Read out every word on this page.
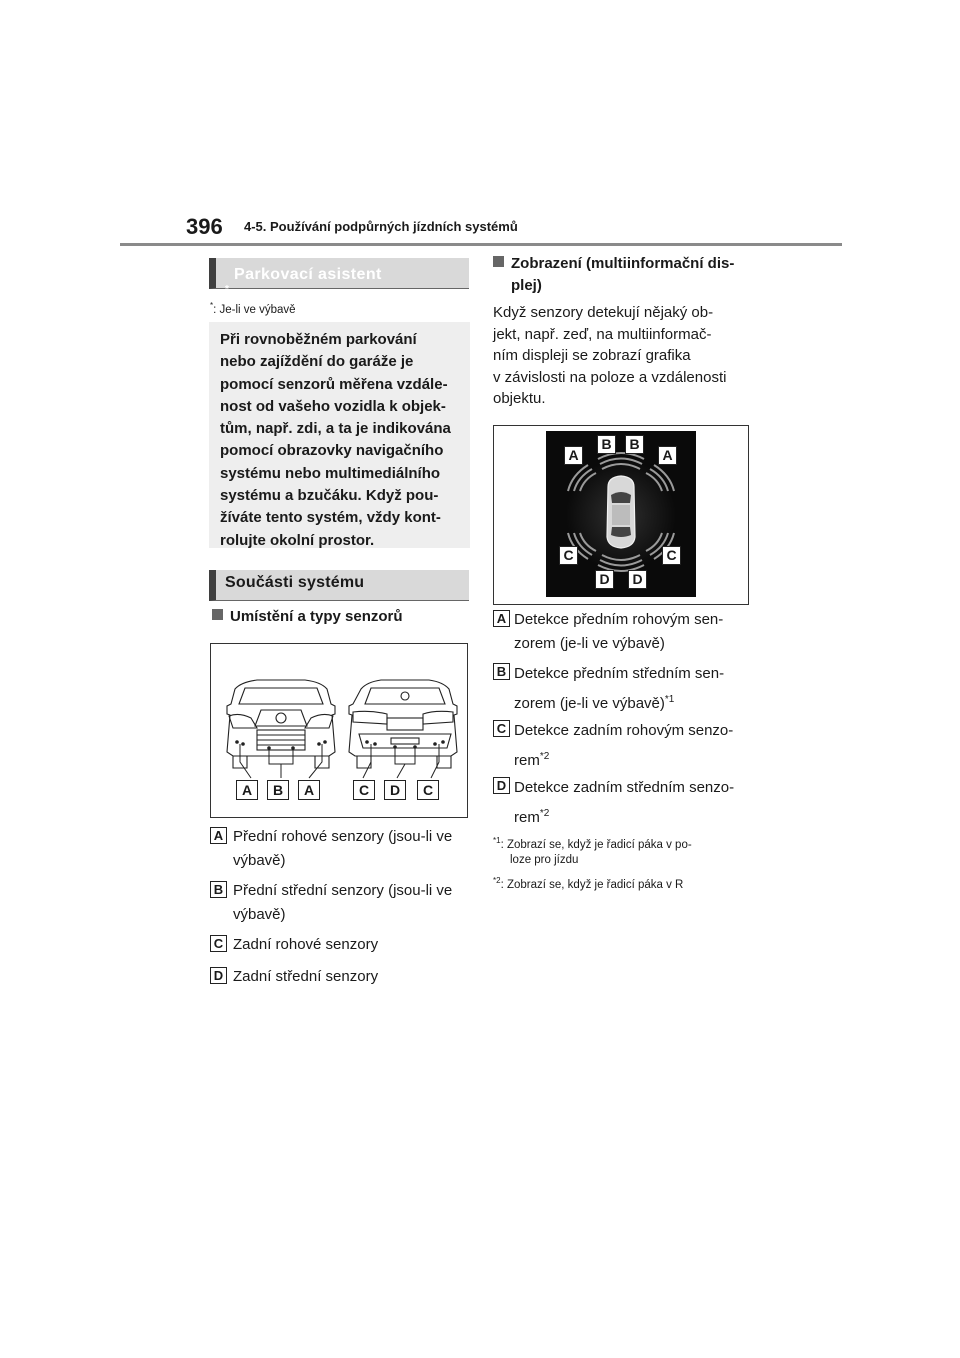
396 4-5. Používání podpůrných jízdních systémů
Parkovací asistent
*
*: Je-li ve výbavě

Při rovnoběžném parkování

nebo zajíždění do garáže je

pomocí senzorů měřena vzdále-

nost od vašeho vozidla k objek-

tům, např. zdi, a ta je indikována

pomocí obrazovky navigačního

systému nebo multimediálního

systému a bzučáku. Když pou-

žíváte tento systém, vždy kont-

rolujte okolní prostor.

Součásti systému
Umístění a typy senzorů
A	B	A	C	D	C
A Přední rohové senzory (jsou-li ve
výbavě)
B Přední střední senzory (jsou-li ve
výbavě)
C Zadní rohové senzory
D Zadní střední senzory
Zobrazení (multiinformační dis-
plej)

Když senzory detekují nějaký ob-

jekt, např. zeď, na multiinformač-

ním displeji se zobrazí grafika

v závislosti na poloze a vzdálenosti

objektu.

A
B	B
A
C	C
D	D
A Detekce předním rohovým sen-
zorem (je-li ve výbavě)
B Detekce předním středním sen-
zorem (je-li ve výbavě)$^{*1}$
C Detekce zadním rohovým senzo-
rem$^{*2}$
D Detekce zadním středním senzo-
rem$^{*2}$
$^{*1}$: Zobrazí se, když je řadicí páka v po-
loze pro jízdu
$^{*2}$: Zobrazí se, když je řadicí páka v R
